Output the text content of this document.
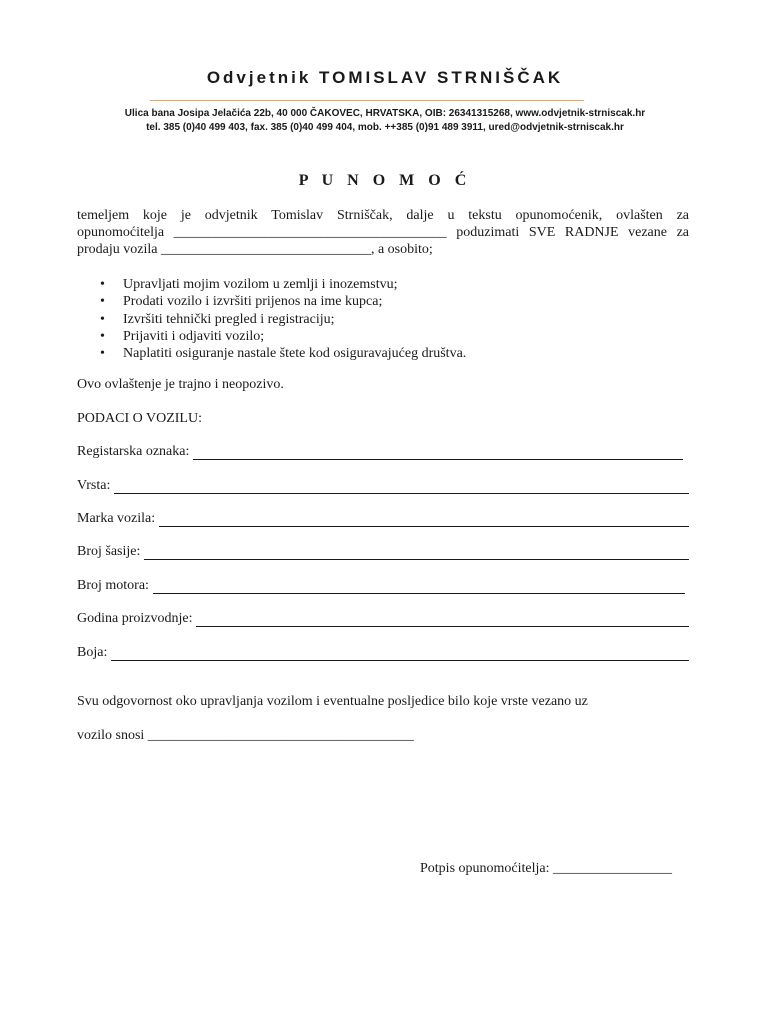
Odvjetnik TOMISLAV STRNIŠČAK
Ulica bana Josipa Jelačića 22b, 40 000 ČAKOVEC, HRVATSKA, OIB: 26341315268, www.odvjetnik-strniscak.hr
tel. 385 (0)40 499 403, fax. 385 (0)40 499 404, mob. ++385 (0)91 489 3911, ured@odvjetnik-strniscak.hr
P U N O M O Ć
temeljem koje je odvjetnik Tomislav Strniščak, dalje u tekstu opunomoćenik, ovlašten za
opunomoćitelja _______________________________________ poduzimati SVE RADNJE vezane za
prodaju vozila ______________________________, a osobito;
• Upravljati mojim vozilom u zemlji i inozemstvu;
• Prodati vozilo i izvršiti prijenos na ime kupca;
• Izvršiti tehnički pregled i registraciju;
• Prijaviti i odjaviti vozilo;
• Naplatiti osiguranje nastale štete kod osiguravajućeg društva.
Ovo ovlaštenje je trajno i neopozivo.
PODACI O VOZILU:
Registarska oznaka:
Vrsta:
Marka vozila:
Broj šasije:
Broj motora:
Godina proizvodnje:
Boja:
Svu odgovornost oko upravljanja vozilom i eventualne posljedice bilo koje vrste vezano uz
vozilo snosi ______________________________________
Potpis opunomoćitelja: _________________
